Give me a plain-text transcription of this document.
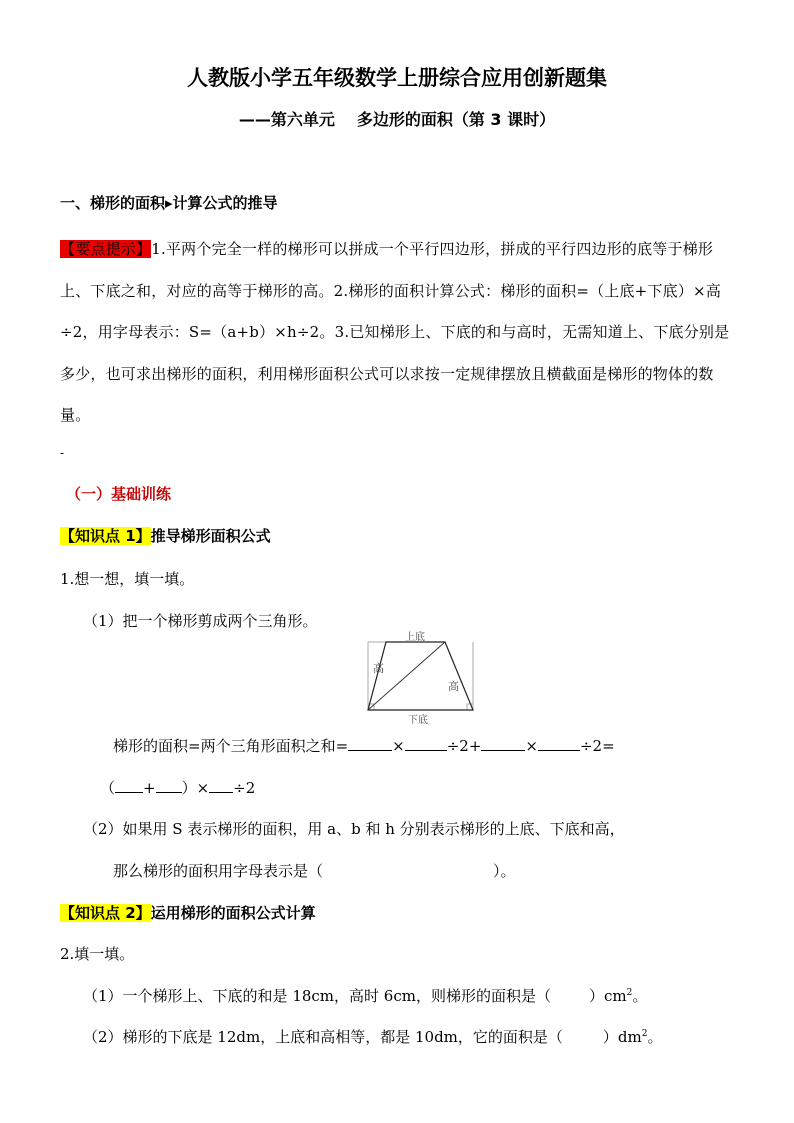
人教版小学五年级数学上册综合应用创新题集
——第六单元 多边形的面积（第 3 课时）
一、梯形的面积▸计算公式的推导
【要点提示】1.平两个完全一样的梯形可以拼成一个平行四边形，拼成的平行四边形的底等于梯形上、下底之和，对应的高等于梯形的高。2.梯形的面积计算公式：梯形的面积=（上底+下底）×高÷2，用字母表示：S=（a+b）×h÷2。3.已知梯形上、下底的和与高时，无需知道上、下底分别是多少，也可求出梯形的面积，利用梯形面积公式可以求按一定规律摆放且横截面是梯形的物体的数量。
-
（一）基础训练
【知识点 1】推导梯形面积公式
1.想一想，填一填。
（1）把一个梯形剪成两个三角形。
上底
下底
高
高
梯形的面积=两个三角形面积之和=	×	÷2+	×	÷2=
（ + ）× ÷2
（2）如果用 S 表示梯形的面积，用 a、b 和 h 分别表示梯形的上底、下底和高，
那么梯形的面积用字母表示是（	）。
【知识点 2】运用梯形的面积公式计算
2.填一填。
（1）一个梯形上、下底的和是 18cm，高时 6cm，则梯形的面积是（	）$cm^2$。
（2）梯形的下底是 12dm，上底和高相等，都是 10dm，它的面积是（	）$dm^2$。
